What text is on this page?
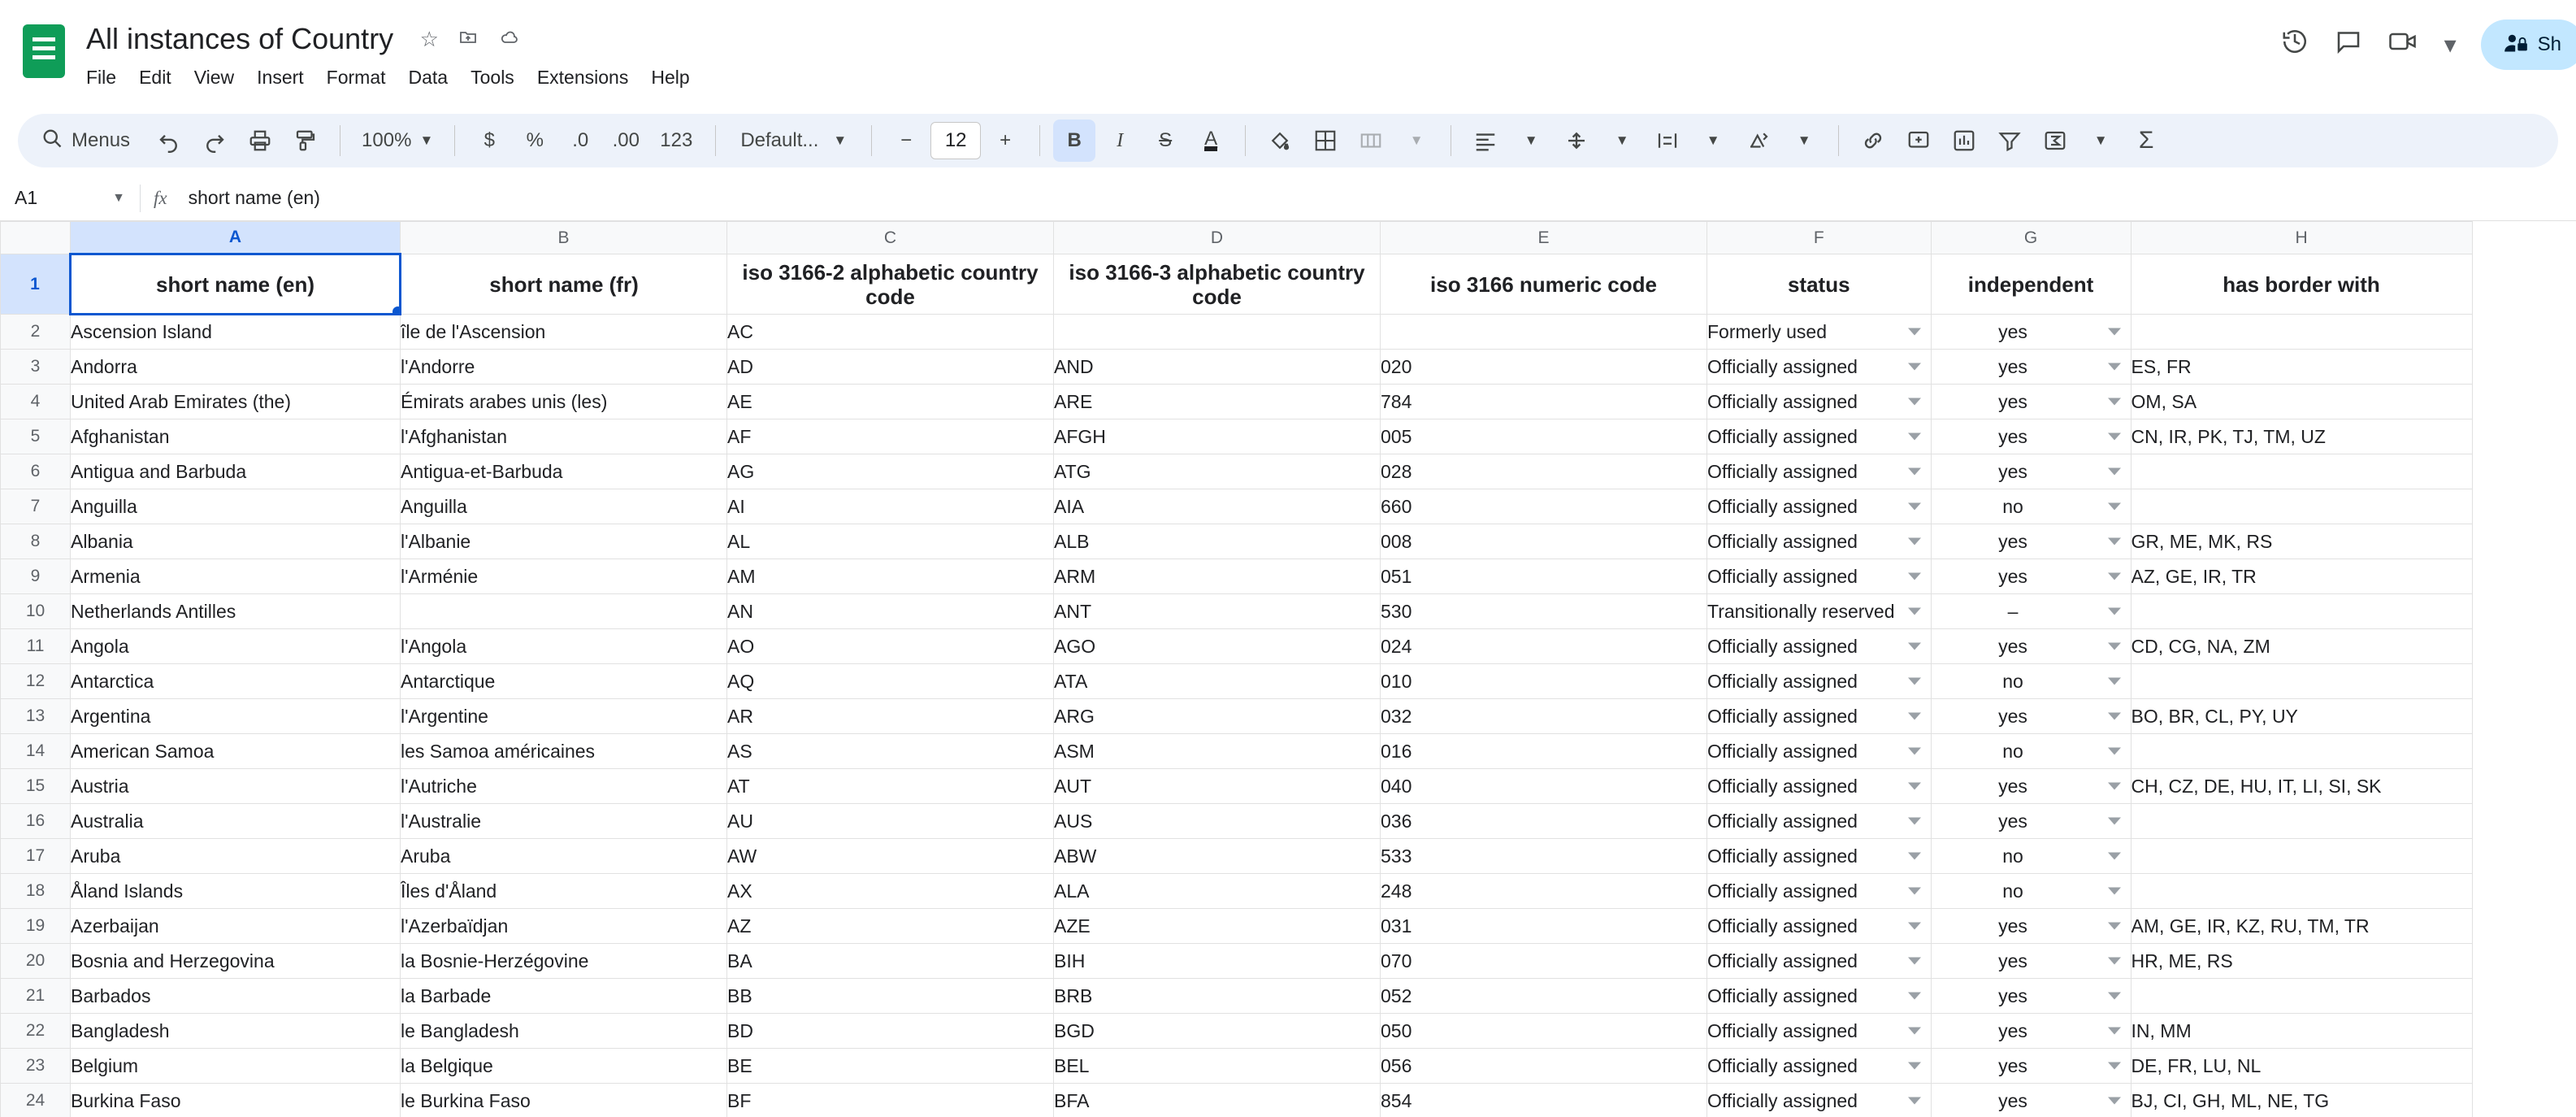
All instances of Country ☆
File	Edit	View	Insert	Format	Data	Tools	Extensions	Help
▾	Sh
Menus	100% ▼	$	%	.0	.00	123	Default... ▼	−	12	+	B I S A	▼	▼	▼	▼	▼	▼	Σ
A1	▼ fx short name (en)
	A	B	C	D	E	F	G	H
1	short name (en)	short name (fr)	iso 3166-2 alphabetic country code	iso 3166-3 alphabetic country code	iso 3166 numeric code	status	independent	has border with
2	Ascension Island	île de l'Ascension	AC			Formerly used	yes

3	Andorra	l'Andorre	AD	AND	020	Officially assigned	yes	ES, FR
4	United Arab Emirates (the)	Émirats arabes unis (les)	AE	ARE	784	Officially assigned	yes	OM, SA
5	Afghanistan	l'Afghanistan	AF	AFGH	005	Officially assigned	yes	CN, IR, PK, TJ, TM, UZ
6	Antigua and Barbuda	Antigua-et-Barbuda	AG	ATG	028	Officially assigned	yes

7	Anguilla	Anguilla	AI	AIA	660	Officially assigned	no

8	Albania	l'Albanie	AL	ALB	008	Officially assigned	yes	GR, ME, MK, RS
9	Armenia	l'Arménie	AM	ARM	051	Officially assigned	yes	AZ, GE, IR, TR
10	Netherlands Antilles		AN	ANT	530	Transitionally reserved	–

11	Angola	l'Angola	AO	AGO	024	Officially assigned	yes	CD, CG, NA, ZM
12	Antarctica	Antarctique	AQ	ATA	010	Officially assigned	no

13	Argentina	l'Argentine	AR	ARG	032	Officially assigned	yes	BO, BR, CL, PY, UY
14	American Samoa	les Samoa américaines	AS	ASM	016	Officially assigned	no

15	Austria	l'Autriche	AT	AUT	040	Officially assigned	yes	CH, CZ, DE, HU, IT, LI, SI, SK
16	Australia	l'Australie	AU	AUS	036	Officially assigned	yes

17	Aruba	Aruba	AW	ABW	533	Officially assigned	no

18	Åland Islands	Îles d'Åland	AX	ALA	248	Officially assigned	no

19	Azerbaijan	l'Azerbaïdjan	AZ	AZE	031	Officially assigned	yes	AM, GE, IR, KZ, RU, TM, TR
20	Bosnia and Herzegovina	la Bosnie-Herzégovine	BA	BIH	070	Officially assigned	yes	HR, ME, RS
21	Barbados	la Barbade	BB	BRB	052	Officially assigned	yes

22	Bangladesh	le Bangladesh	BD	BGD	050	Officially assigned	yes	IN, MM
23	Belgium	la Belgique	BE	BEL	056	Officially assigned	yes	DE, FR, LU, NL
24	Burkina Faso	le Burkina Faso	BF	BFA	854	Officially assigned	yes	BJ, CI, GH, ML, NE, TG
